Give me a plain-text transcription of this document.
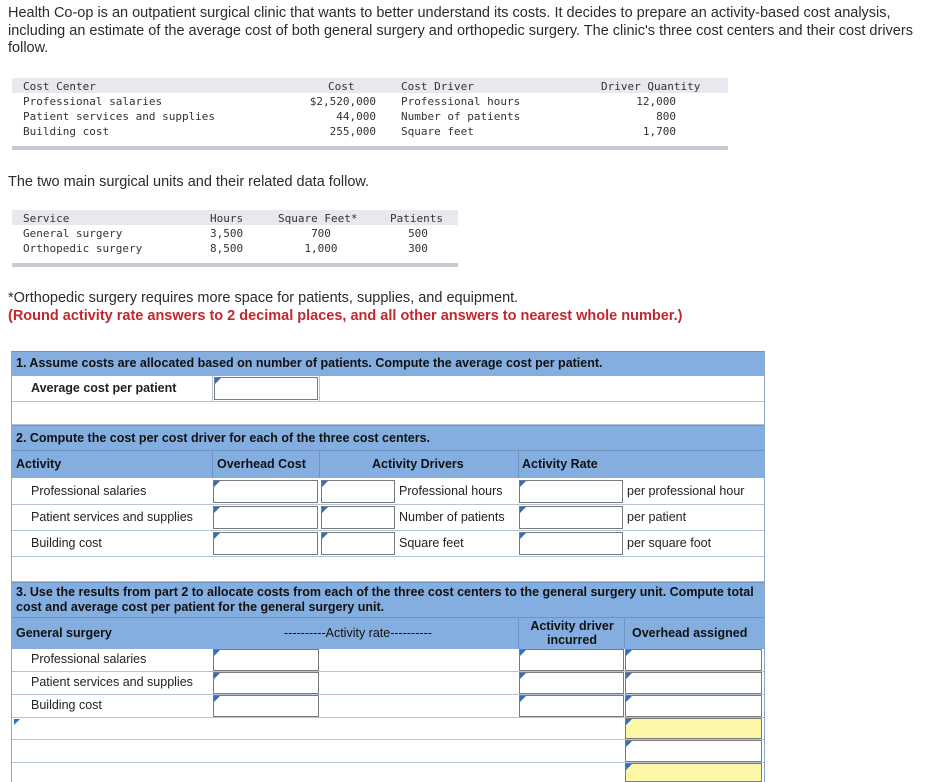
Health Co-op is an outpatient surgical clinic that wants to better understand its costs. It decides to prepare an activity-based cost analysis, including an estimate of the average cost of both general surgery and orthopedic surgery. The clinic's three cost centers and their cost drivers follow.
Cost Center	Cost	Cost Driver	Driver Quantity
Professional salaries	$2,520,000 Professional hours	12,000
Patient services and supplies	44,000 Number of patients	800
Building cost	255,000 Square feet	1,700
The two main surgical units and their related data follow.
Service	Hours	Square Feet*	Patients
General surgery	3,500	700	500
Orthopedic surgery	8,500	1,000	300
*Orthopedic surgery requires more space for patients, supplies, and equipment.
(Round activity rate answers to 2 decimal places, and all other answers to nearest whole number.)
1. Assume costs are allocated based on number of patients. Compute the average cost per patient.
Average cost per patient
2. Compute the cost per cost driver for each of the three cost centers.
Activity	Overhead Cost	Activity Drivers	Activity Rate
Professional salaries	Professional hours	per professional hour
Patient services and supplies	Number of patients	per patient
Building cost	Square feet	per square foot
3. Use the results from part 2 to allocate costs from each of the three cost centers to the general surgery unit. Compute total cost and average cost per patient for the general surgery unit.
General surgery	----------Activity rate----------	Activity driver incurred	Overhead assigned
Professional salaries
Patient services and supplies
Building cost
